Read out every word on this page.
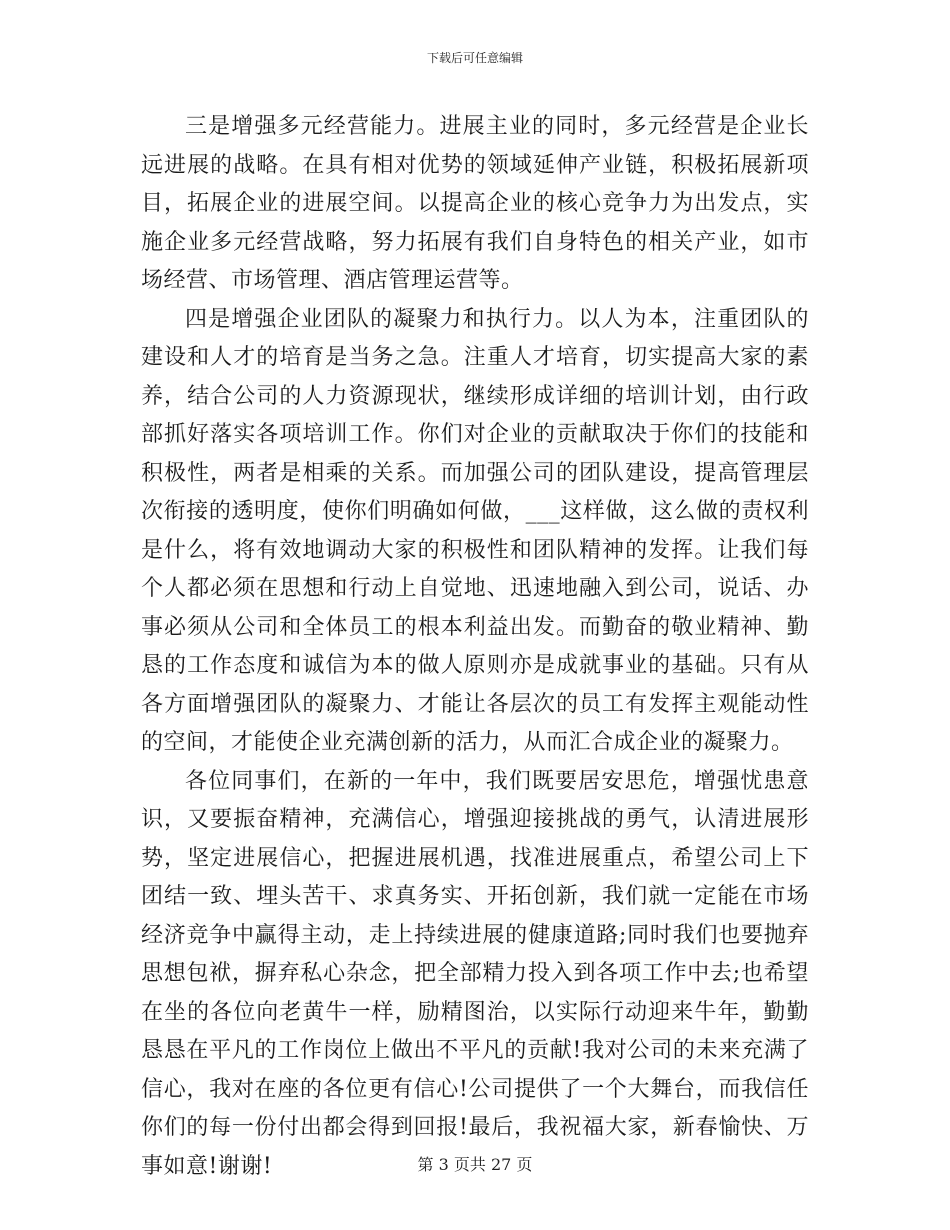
下载后可任意编辑

三是增强多元经营能力。进展主业的同时，多元经营是企业长远进展的战略。在具有相对优势的领域延伸产业链，积极拓展新项目，拓展企业的进展空间。以提高企业的核心竞争力为出发点，实施企业多元经营战略，努力拓展有我们自身特色的相关产业，如市场经营、市场管理、酒店管理运营等。

四是增强企业团队的凝聚力和执行力。以人为本，注重团队的建设和人才的培育是当务之急。注重人才培育，切实提高大家的素养，结合公司的人力资源现状，继续形成详细的培训计划，由行政部抓好落实各项培训工作。你们对企业的贡献取决于你们的技能和积极性，两者是相乘的关系。而加强公司的团队建设，提高管理层次衔接的透明度，使你们明确如何做，___这样做，这么做的责权利是什么，将有效地调动大家的积极性和团队精神的发挥。让我们每个人都必须在思想和行动上自觉地、迅速地融入到公司，说话、办事必须从公司和全体员工的根本利益出发。而勤奋的敬业精神、勤恳的工作态度和诚信为本的做人原则亦是成就事业的基础。只有从各方面增强团队的凝聚力、才能让各层次的员工有发挥主观能动性的空间，才能使企业充满创新的活力，从而汇合成企业的凝聚力。

各位同事们，在新的一年中，我们既要居安思危，增强忧患意识，又要振奋精神，充满信心，增强迎接挑战的勇气，认清进展形势，坚定进展信心，把握进展机遇，找准进展重点，希望公司上下团结一致、埋头苦干、求真务实、开拓创新，我们就一定能在市场经济竞争中赢得主动，走上持续进展的健康道路;同时我们也要抛弃思想包袱，摒弃私心杂念，把全部精力投入到各项工作中去;也希望在坐的各位向老黄牛一样，励精图治，以实际行动迎来牛年，勤勤恳恳在平凡的工作岗位上做出不平凡的贡献!我对公司的未来充满了信心，我对在座的各位更有信心!公司提供了一个大舞台，而我信任你们的每一份付出都会得到回报!最后，我祝福大家，新春愉快、万事如意!谢谢!	第 3 页共 27 页
